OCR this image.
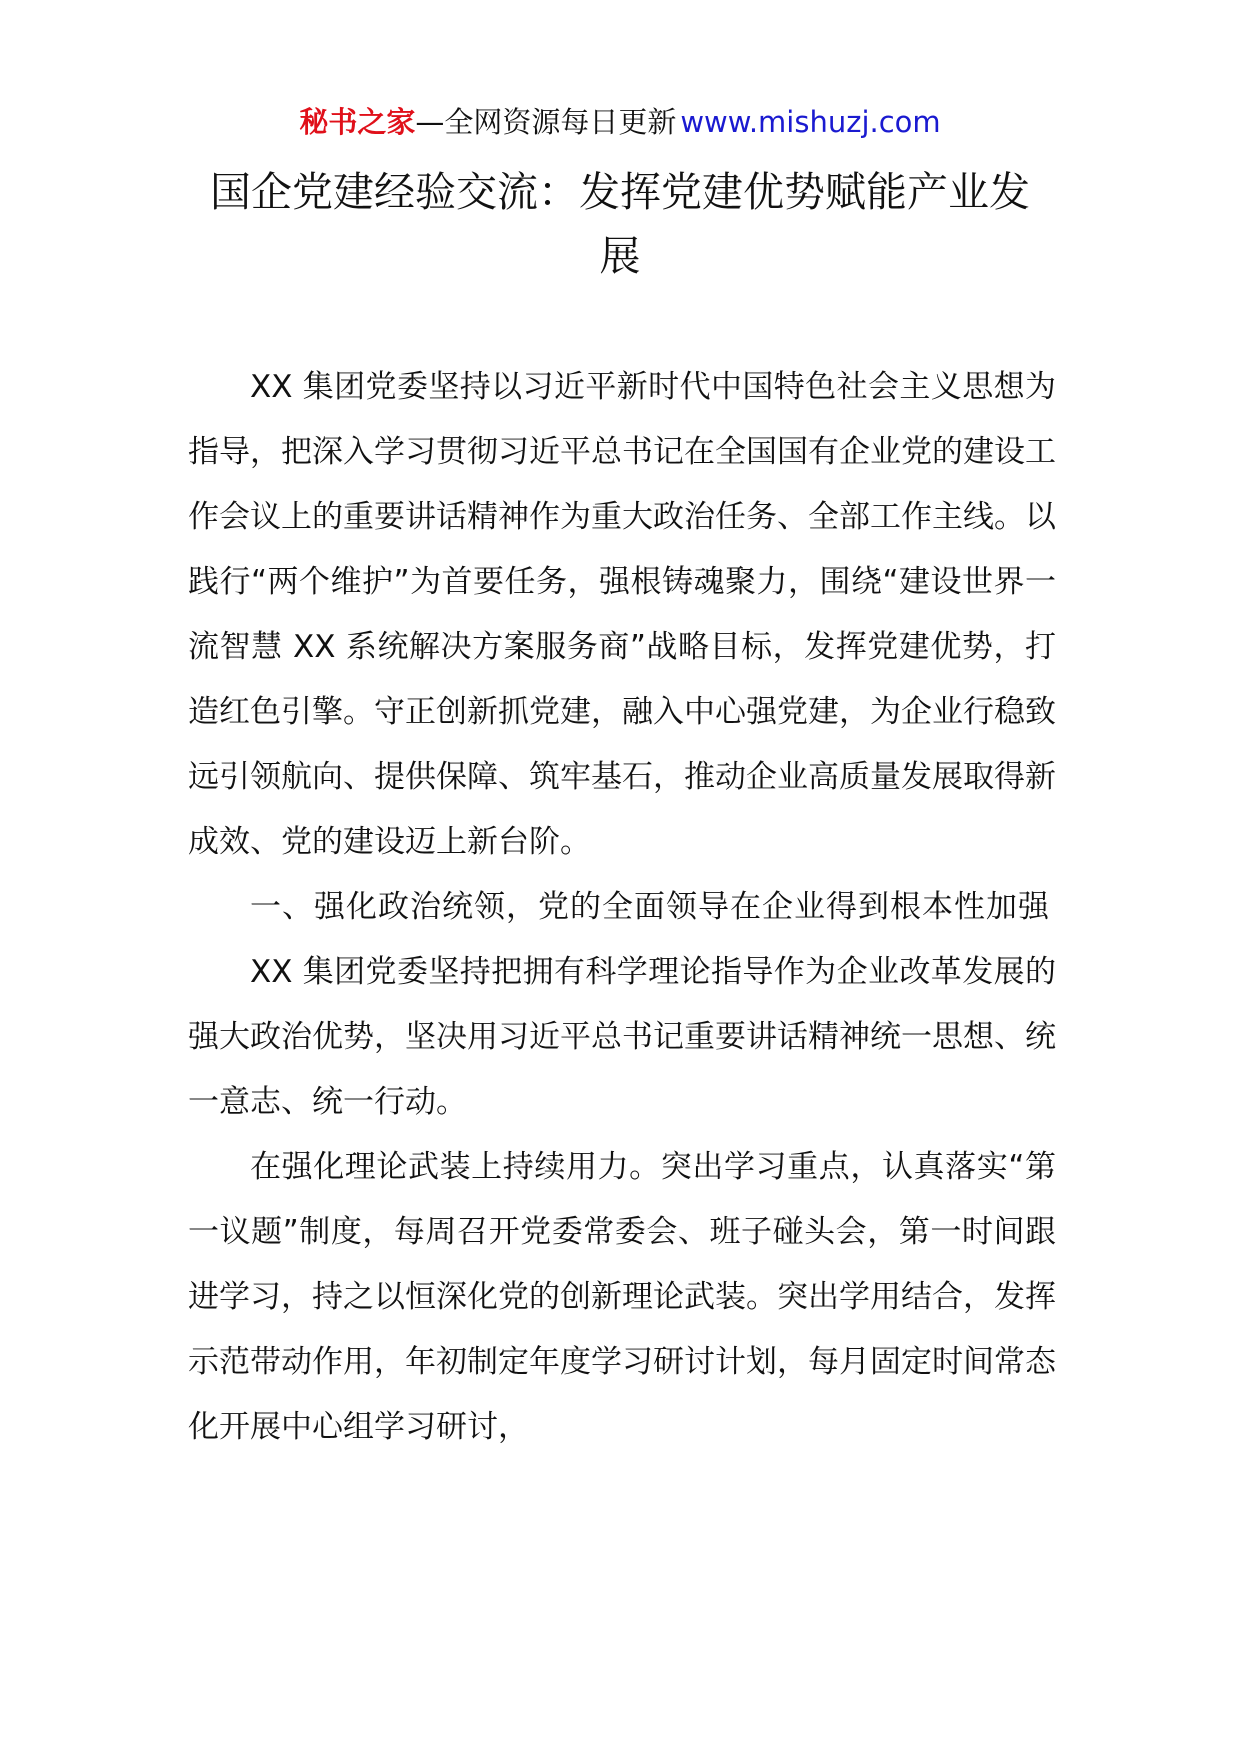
秘书之家—全网资源每日更新 www.mishuzj.com
国企党建经验交流：发挥党建优势赋能产业发展

XX 集团党委坚持以习近平新时代中国特色社会主义思想为指导，把深入学习贯彻习近平总书记在全国国有企业党的建设工作会议上的重要讲话精神作为重大政治任务、全部工作主线。以践行“两个维护”为首要任务，强根铸魂聚力，围绕“建设世界一流智慧 XX 系统解决方案服务商”战略目标，发挥党建优势，打造红色引擎。守正创新抓党建，融入中心强党建，为企业行稳致远引领航向、提供保障、筑牢基石，推动企业高质量发展取得新成效、党的建设迈上新台阶。

一、强化政治统领，党的全面领导在企业得到根本性加强

XX 集团党委坚持把拥有科学理论指导作为企业改革发展的强大政治优势，坚决用习近平总书记重要讲话精神统一思想、统一意志、统一行动。

在强化理论武装上持续用力。突出学习重点，认真落实“第一议题”制度，每周召开党委常委会、班子碰头会，第一时间跟进学习，持之以恒深化党的创新理论武装。突出学用结合，发挥示范带动作用，年初制定年度学习研讨计划，每月固定时间常态化开展中心组学习研讨，
